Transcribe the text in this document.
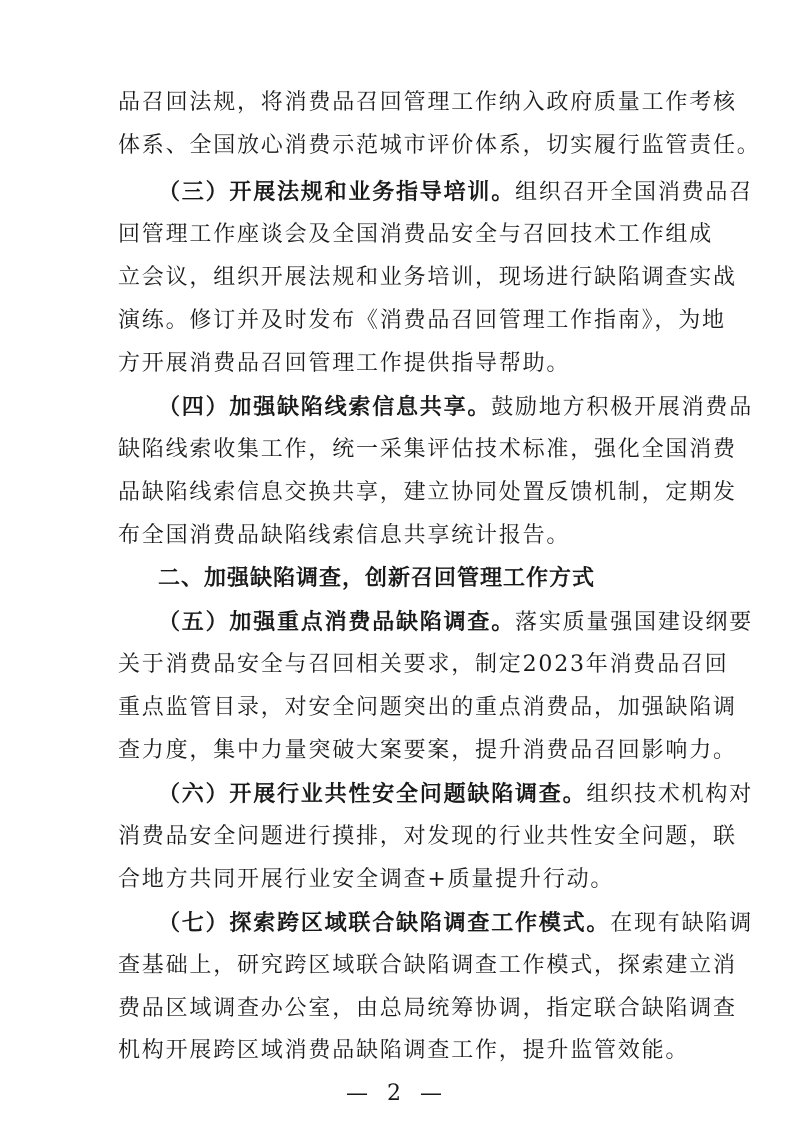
品召回法规，将消费品召回管理工作纳入政府质量工作考核
体系、全国放心消费示范城市评价体系，切实履行监管责任。
（三）开展法规和业务指导培训。组织召开全国消费品召
回管理工作座谈会及全国消费品安全与召回技术工作组成
立会议，组织开展法规和业务培训，现场进行缺陷调查实战
演练。修订并及时发布《消费品召回管理工作指南》，为地
方开展消费品召回管理工作提供指导帮助。
（四）加强缺陷线索信息共享。鼓励地方积极开展消费品
缺陷线索收集工作，统一采集评估技术标准，强化全国消费
品缺陷线索信息交换共享，建立协同处置反馈机制，定期发
布全国消费品缺陷线索信息共享统计报告。
二、加强缺陷调查，创新召回管理工作方式
（五）加强重点消费品缺陷调查。落实质量强国建设纲要
关于消费品安全与召回相关要求，制定2023年消费品召回
重点监管目录，对安全问题突出的重点消费品，加强缺陷调
查力度，集中力量突破大案要案，提升消费品召回影响力。
（六）开展行业共性安全问题缺陷调查。组织技术机构对
消费品安全问题进行摸排，对发现的行业共性安全问题，联
合地方共同开展行业安全调查+质量提升行动。
（七）探索跨区域联合缺陷调查工作模式。在现有缺陷调
查基础上，研究跨区域联合缺陷调查工作模式，探索建立消
费品区域调查办公室，由总局统筹协调，指定联合缺陷调查
机构开展跨区域消费品缺陷调查工作，提升监管效能。
— 2 —
